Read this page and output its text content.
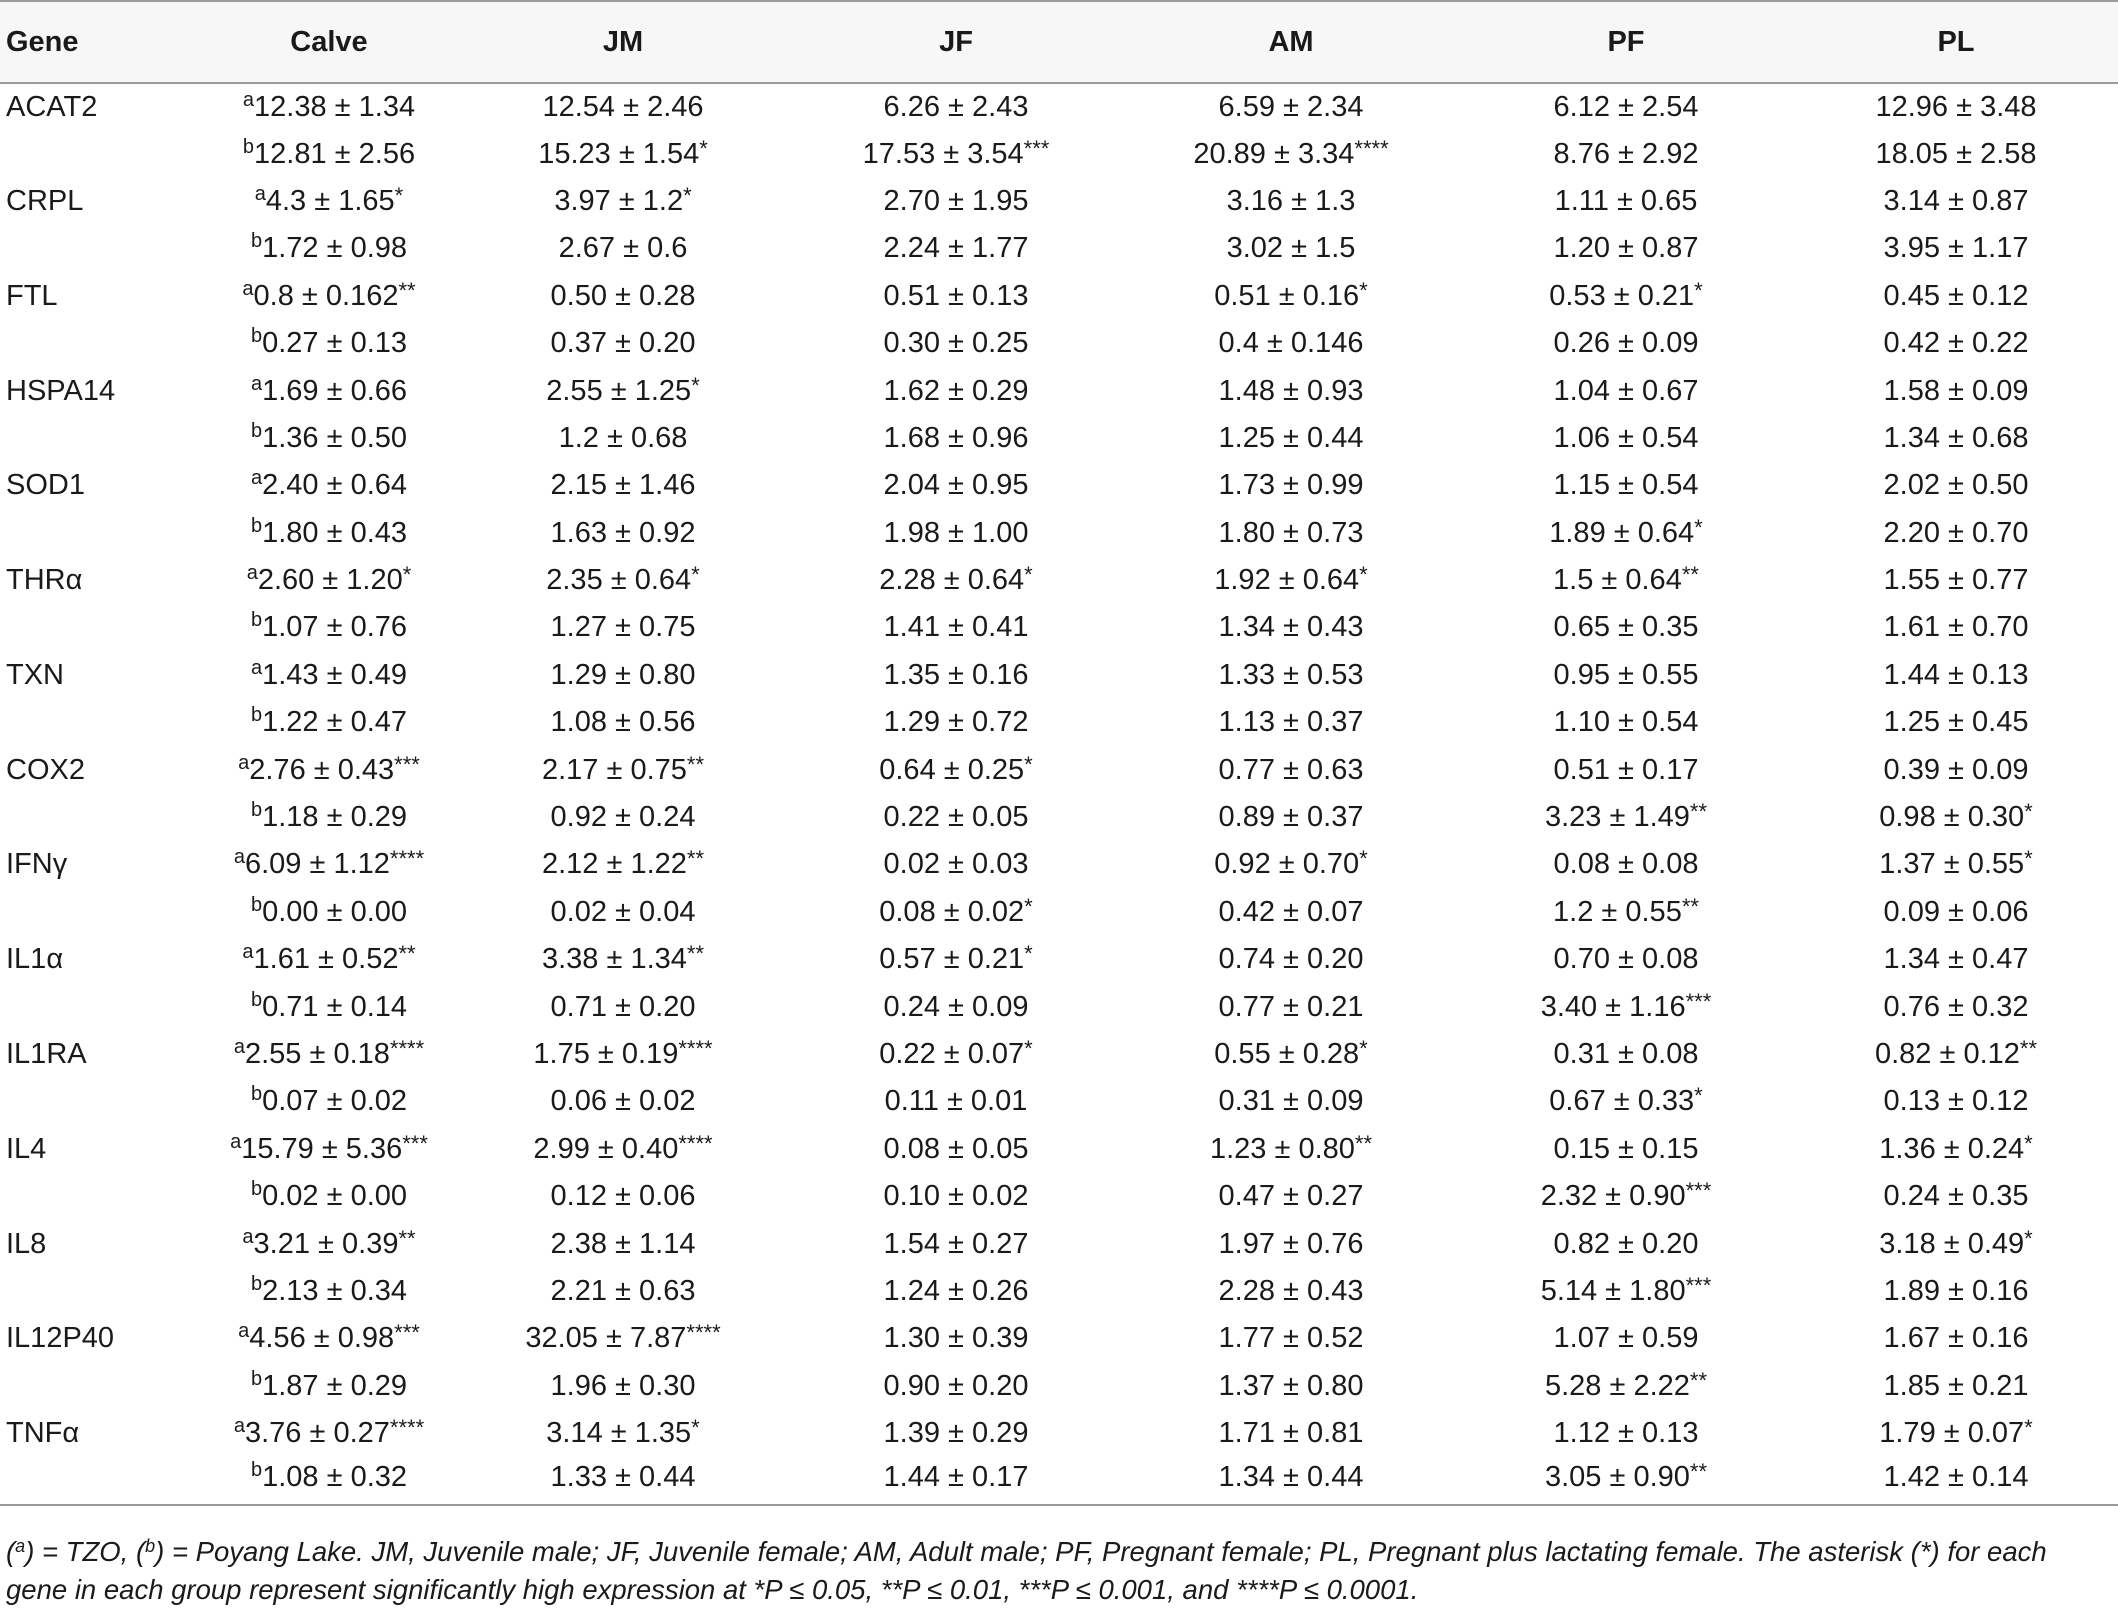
Gene	Calve	JM	JF	AM	PF	PL
ACAT2	$^a$12.38 ± 1.34	12.54 ± 2.46	6.26 ± 2.43	6.59 ± 2.34	6.12 ± 2.54	12.96 ± 3.48
	$^b$12.81 ± 2.56	15.23 ± 1.54*	17.53 ± 3.54***	20.89 ± 3.34****	8.76 ± 2.92	18.05 ± 2.58
CRPL	$^a$4.3 ± 1.65*	3.97 ± 1.2*	2.70 ± 1.95	3.16 ± 1.3	1.11 ± 0.65	3.14 ± 0.87
	$^b$1.72 ± 0.98	2.67 ± 0.6	2.24 ± 1.77	3.02 ± 1.5	1.20 ± 0.87	3.95 ± 1.17
FTL	$^a$0.8 ± 0.162**	0.50 ± 0.28	0.51 ± 0.13	0.51 ± 0.16*	0.53 ± 0.21*	0.45 ± 0.12
	$^b$0.27 ± 0.13	0.37 ± 0.20	0.30 ± 0.25	0.4 ± 0.146	0.26 ± 0.09	0.42 ± 0.22
HSPA14	$^a$1.69 ± 0.66	2.55 ± 1.25*	1.62 ± 0.29	1.48 ± 0.93	1.04 ± 0.67	1.58 ± 0.09
	$^b$1.36 ± 0.50	1.2 ± 0.68	1.68 ± 0.96	1.25 ± 0.44	1.06 ± 0.54	1.34 ± 0.68
SOD1	$^a$2.40 ± 0.64	2.15 ± 1.46	2.04 ± 0.95	1.73 ± 0.99	1.15 ± 0.54	2.02 ± 0.50
	$^b$1.80 ± 0.43	1.63 ± 0.92	1.98 ± 1.00	1.80 ± 0.73	1.89 ± 0.64*	2.20 ± 0.70
THRα	$^a$2.60 ± 1.20*	2.35 ± 0.64*	2.28 ± 0.64*	1.92 ± 0.64*	1.5 ± 0.64**	1.55 ± 0.77
	$^b$1.07 ± 0.76	1.27 ± 0.75	1.41 ± 0.41	1.34 ± 0.43	0.65 ± 0.35	1.61 ± 0.70
TXN	$^a$1.43 ± 0.49	1.29 ± 0.80	1.35 ± 0.16	1.33 ± 0.53	0.95 ± 0.55	1.44 ± 0.13
	$^b$1.22 ± 0.47	1.08 ± 0.56	1.29 ± 0.72	1.13 ± 0.37	1.10 ± 0.54	1.25 ± 0.45
COX2	$^a$2.76 ± 0.43***	2.17 ± 0.75**	0.64 ± 0.25*	0.77 ± 0.63	0.51 ± 0.17	0.39 ± 0.09
	$^b$1.18 ± 0.29	0.92 ± 0.24	0.22 ± 0.05	0.89 ± 0.37	3.23 ± 1.49**	0.98 ± 0.30*
IFNγ	$^a$6.09 ± 1.12****	2.12 ± 1.22**	0.02 ± 0.03	0.92 ± 0.70*	0.08 ± 0.08	1.37 ± 0.55*
	$^b$0.00 ± 0.00	0.02 ± 0.04	0.08 ± 0.02*	0.42 ± 0.07	1.2 ± 0.55**	0.09 ± 0.06
IL1α	$^a$1.61 ± 0.52**	3.38 ± 1.34**	0.57 ± 0.21*	0.74 ± 0.20	0.70 ± 0.08	1.34 ± 0.47
	$^b$0.71 ± 0.14	0.71 ± 0.20	0.24 ± 0.09	0.77 ± 0.21	3.40 ± 1.16***	0.76 ± 0.32
IL1RA	$^a$2.55 ± 0.18****	1.75 ± 0.19****	0.22 ± 0.07*	0.55 ± 0.28*	0.31 ± 0.08	0.82 ± 0.12**
	$^b$0.07 ± 0.02	0.06 ± 0.02	0.11 ± 0.01	0.31 ± 0.09	0.67 ± 0.33*	0.13 ± 0.12
IL4	$^a$15.79 ± 5.36***	2.99 ± 0.40****	0.08 ± 0.05	1.23 ± 0.80**	0.15 ± 0.15	1.36 ± 0.24*
	$^b$0.02 ± 0.00	0.12 ± 0.06	0.10 ± 0.02	0.47 ± 0.27	2.32 ± 0.90***	0.24 ± 0.35
IL8	$^a$3.21 ± 0.39**	2.38 ± 1.14	1.54 ± 0.27	1.97 ± 0.76	0.82 ± 0.20	3.18 ± 0.49*
	$^b$2.13 ± 0.34	2.21 ± 0.63	1.24 ± 0.26	2.28 ± 0.43	5.14 ± 1.80***	1.89 ± 0.16
IL12P40	$^a$4.56 ± 0.98***	32.05 ± 7.87****	1.30 ± 0.39	1.77 ± 0.52	1.07 ± 0.59	1.67 ± 0.16
	$^b$1.87 ± 0.29	1.96 ± 0.30	0.90 ± 0.20	1.37 ± 0.80	5.28 ± 2.22**	1.85 ± 0.21
TNFα	$^a$3.76 ± 0.27****	3.14 ± 1.35*	1.39 ± 0.29	1.71 ± 0.81	1.12 ± 0.13	1.79 ± 0.07*
	$^b$1.08 ± 0.32	1.33 ± 0.44	1.44 ± 0.17	1.34 ± 0.44	3.05 ± 0.90**	1.42 ± 0.14
($^a$) = TZO, ($^b$) = Poyang Lake. JM, Juvenile male; JF, Juvenile female; AM, Adult male; PF, Pregnant female; PL, Pregnant plus lactating female. The asterisk (*) for each gene in each group represent significantly high expression at *P ≤ 0.05, **P ≤ 0.01, ***P ≤ 0.001, and ****P ≤ 0.0001.
